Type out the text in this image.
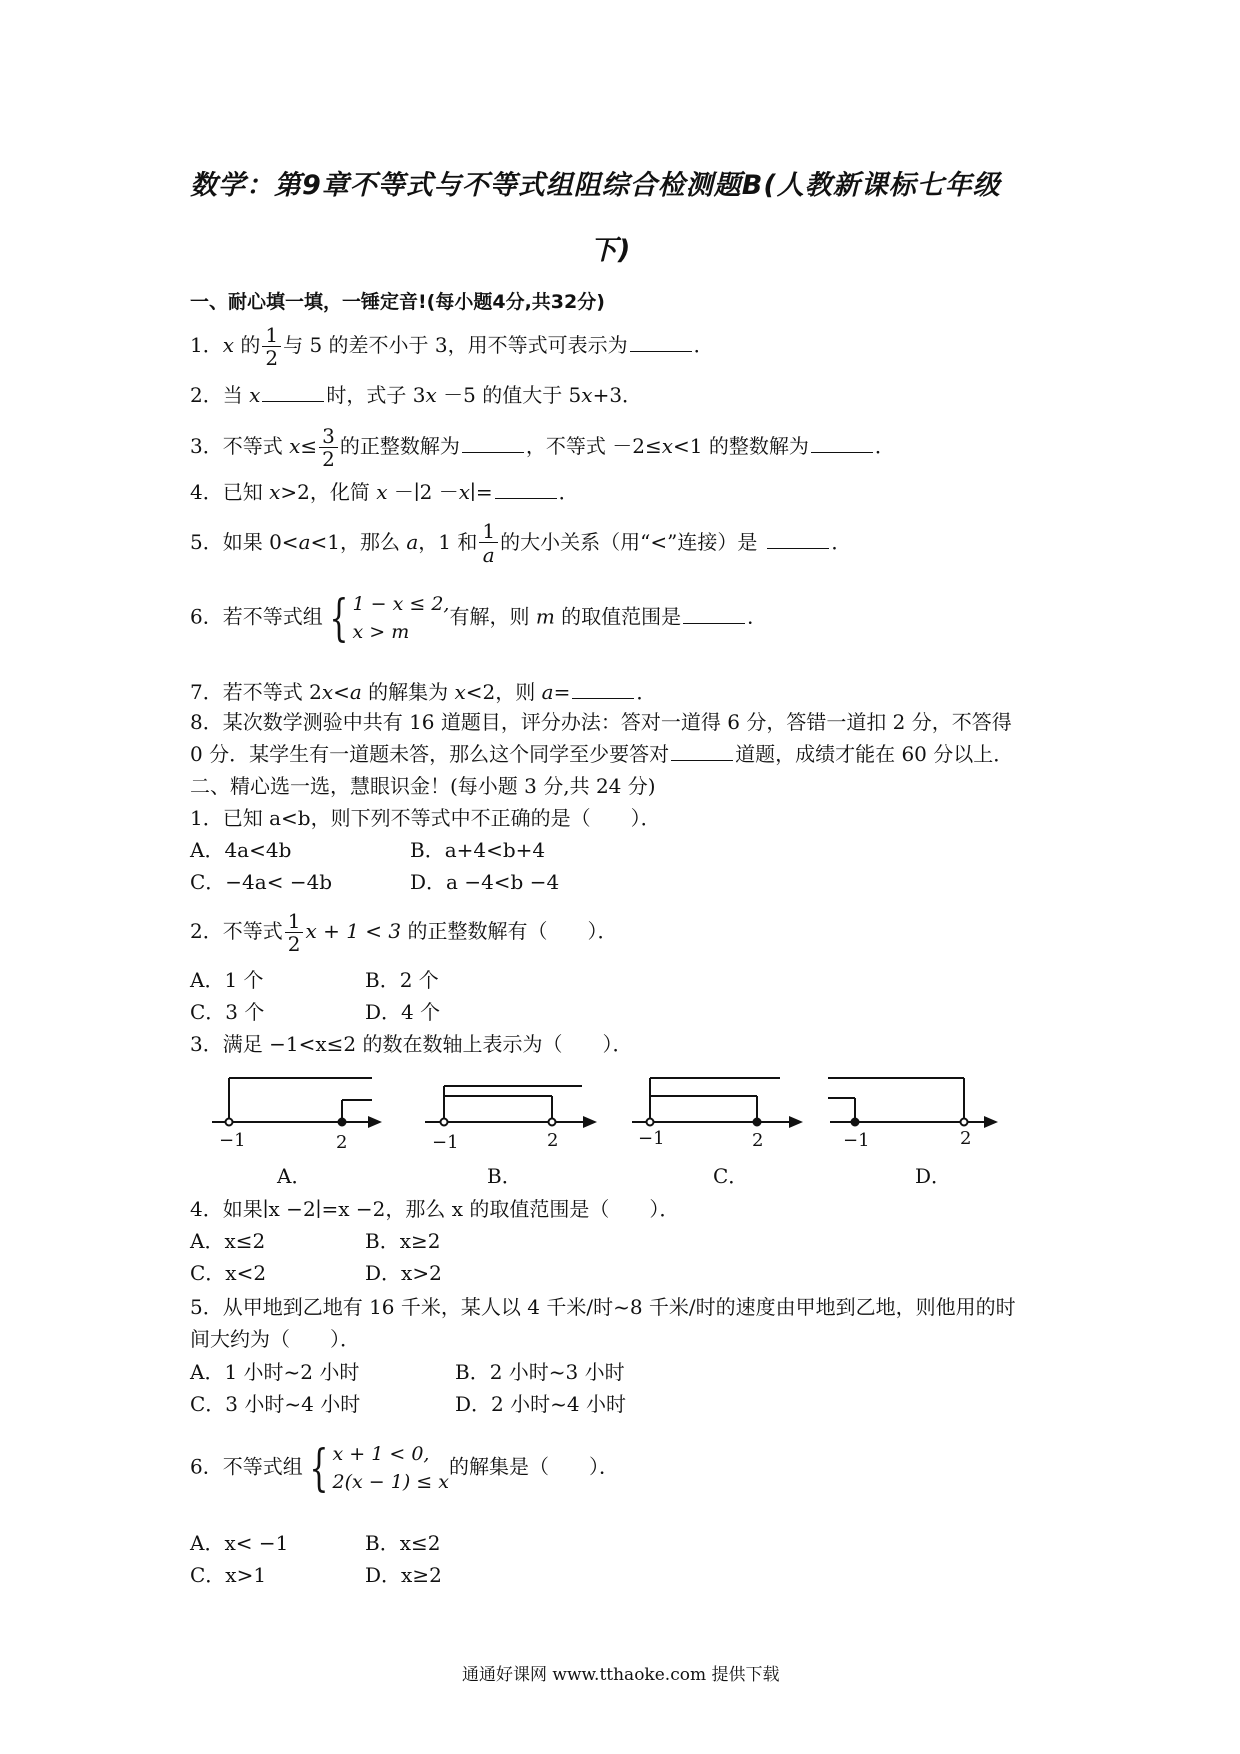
数学：第9章不等式与不等式组阻综合检测题B(人教新课标七年级
下)
一、耐心填一填，一锤定音!(每小题4分,共32分)
1．x 的 $\frac{1}{2}$ 与 5 的差不小于 3，用不等式可表示为	．
2．当 x	时，式子 3x －5 的值大于 5x+3．
3．不等式 $x\le \frac{3}{2}$ 的正整数解为	，不等式 －2≤x<1 的整数解为	．
4．已知 x>2，化简 x －∣2 －x∣=	．
5．如果 0<a<1，那么 a，1 和 $\frac{1}{a}$ 的大小关系（用“<”连接）是	．
6．若不等式组 { 1 − x ≤ 2,
x > m
有解，则 m 的取值范围是	．
7．若不等式 2x<a 的解集为 x<2，则 a=	．
8．某次数学测验中共有 16 道题目，评分办法：答对一道得 6 分，答错一道扣 2 分，不答得
0 分．某学生有一道题未答，那么这个同学至少要答对	道题，成绩才能在 60 分以上．
二、精心选一选，慧眼识金！(每小题 3 分,共 24 分)
1．已知 a<b，则下列不等式中不正确的是（　　）．
A．4a<4b	B．a+4<b+4
C．−4a< −4b	D．a −4<b −4
2．不等式 $\frac{1}{2}$ x + 1 < 3 的正整数解有（　　）．
A．1 个	B．2 个
C．3 个	D．4 个
3．满足 −1<x≤2 的数在数轴上表示为（　　）．
−1	2	−1	2	−1	2	−1	2
A．	B．	C．	D．
4．如果∣x −2∣=x −2，那么 x 的取值范围是（　　）．
A．x≤2	B．x≥2
C．x<2	D．x>2
5．从甲地到乙地有 16 千米，某人以 4 千米/时~8 千米/时的速度由甲地到乙地，则他用的时
间大约为（　　）．
A．1 小时~2 小时	B．2 小时~3 小时
C．3 小时~4 小时	D．2 小时~4 小时
6．不等式组 { x + 1 < 0,
2(x − 1) ≤ x
的解集是（　　）．
A．x< −1	B．x≤2
C．x>1	D．x≥2
通通好课网 www.tthaoke.com 提供下载
